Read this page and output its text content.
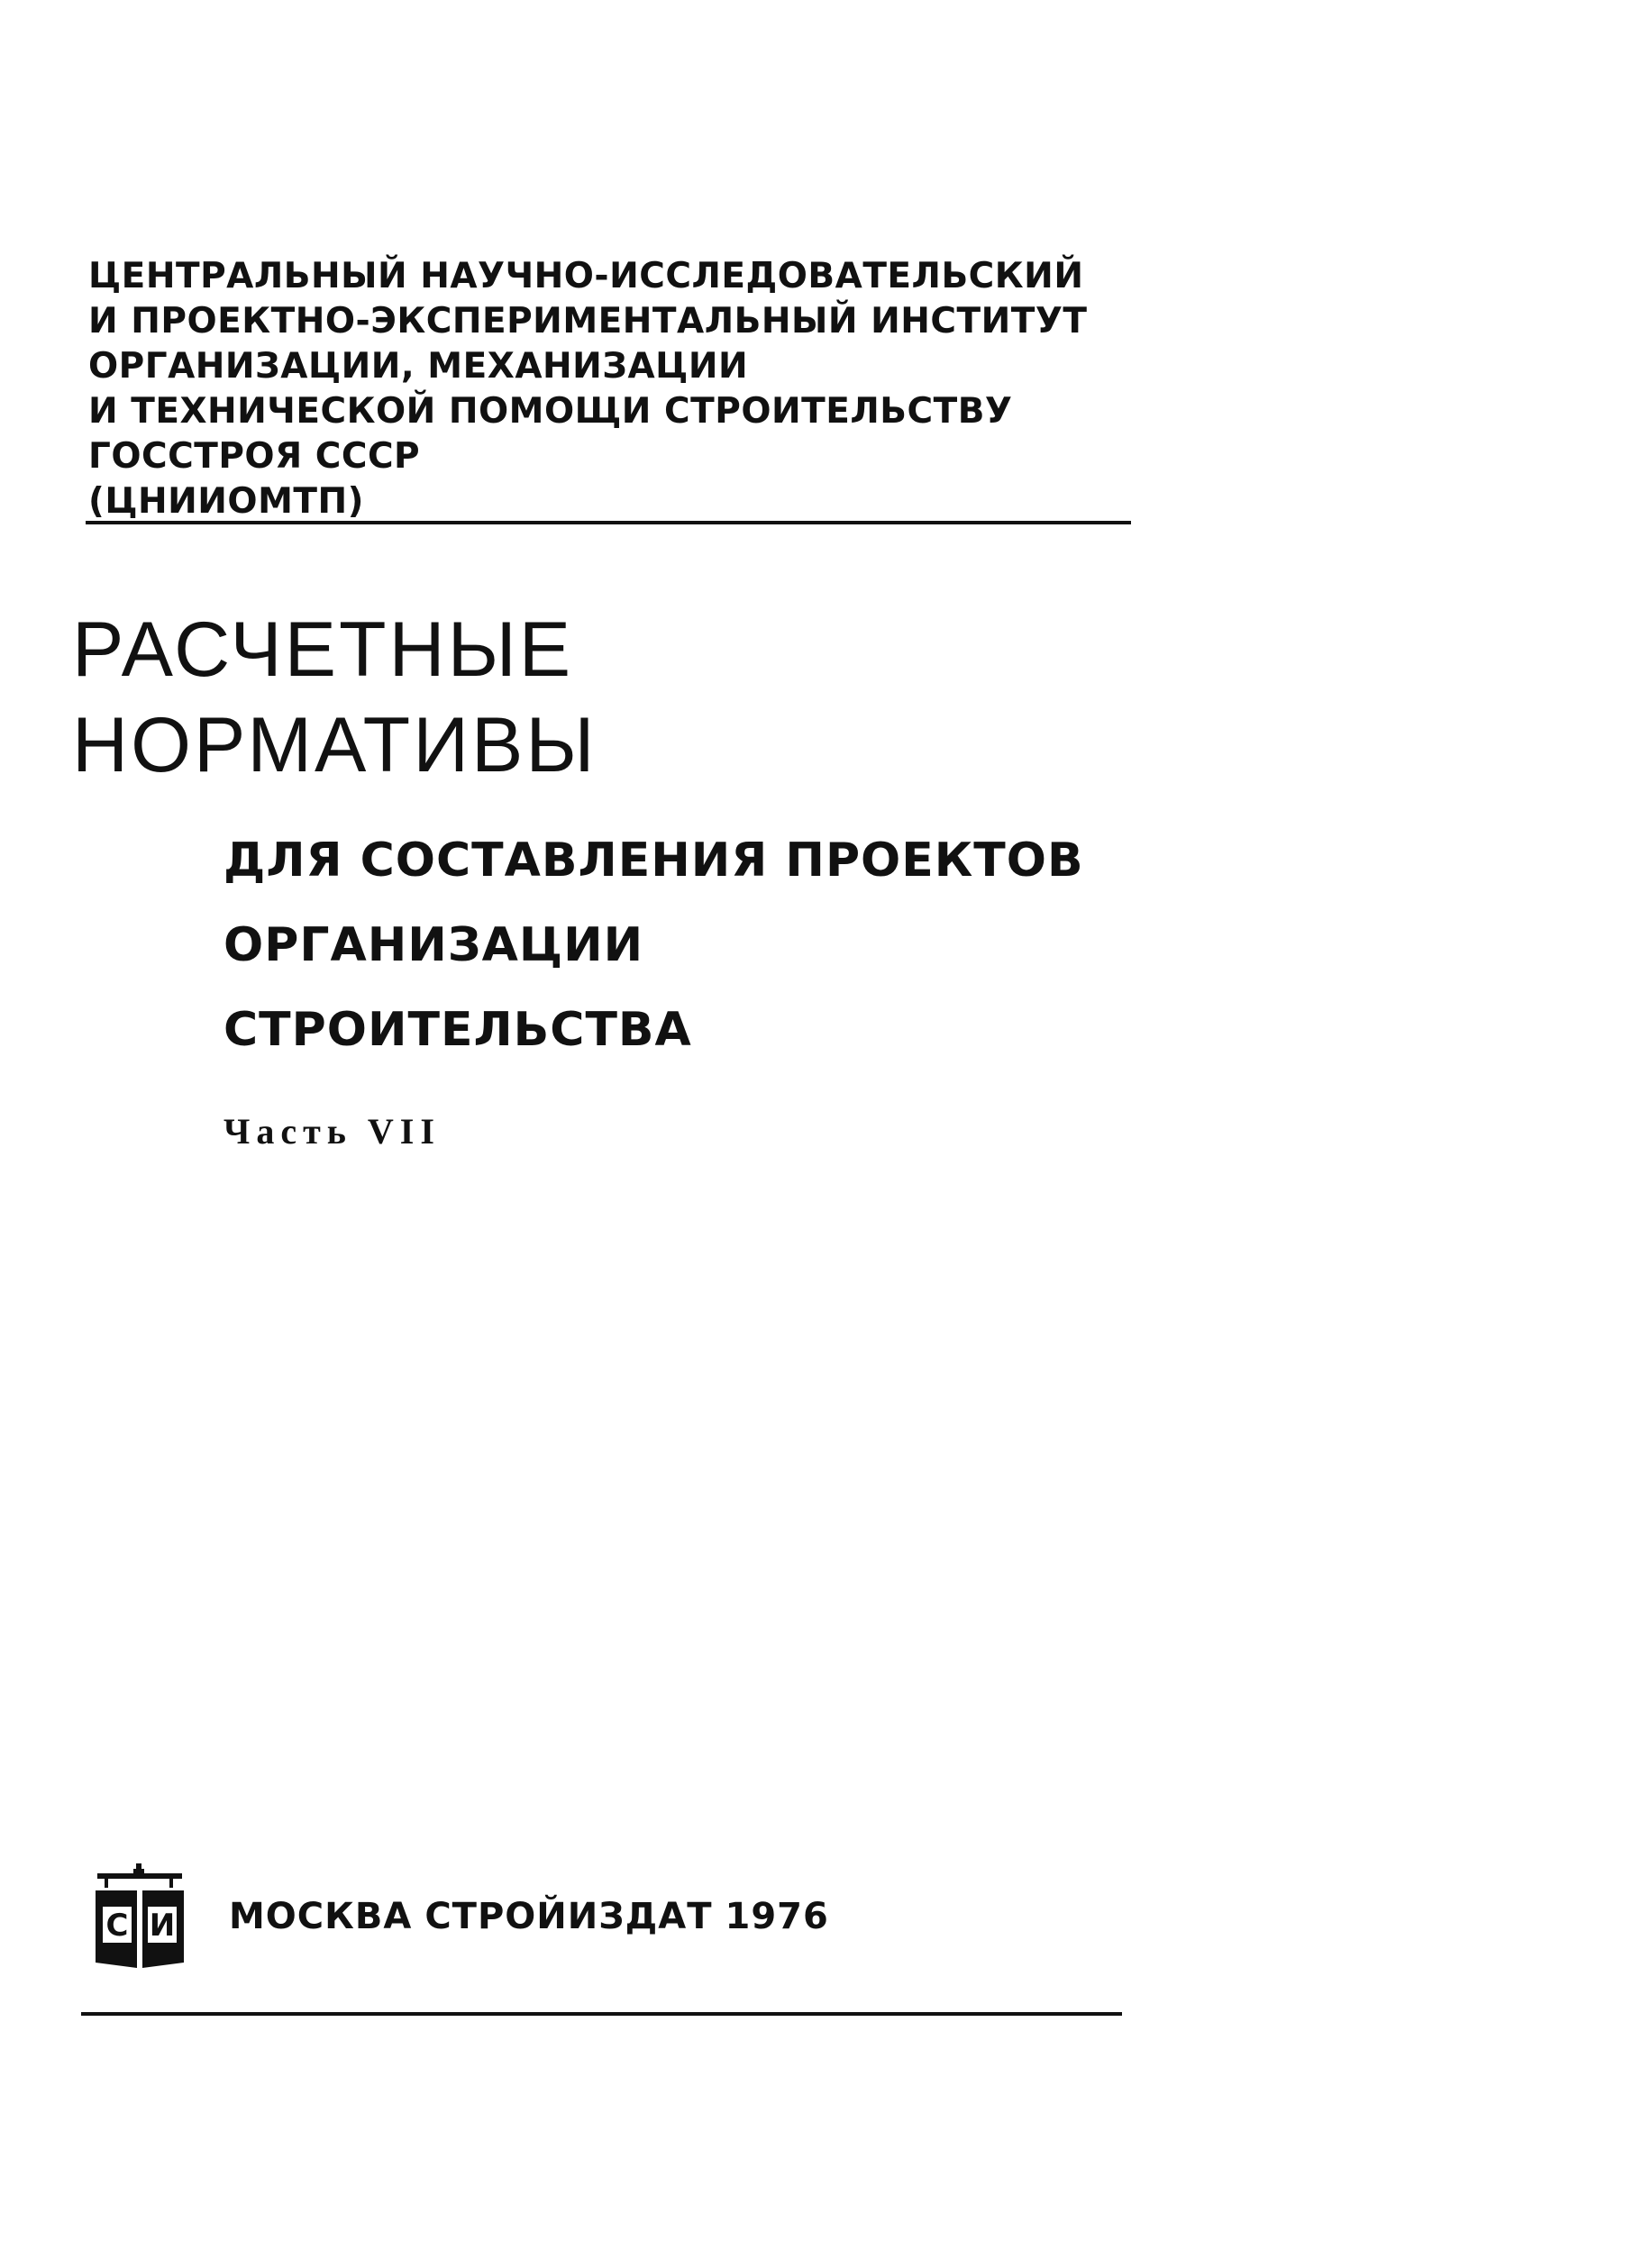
ЦЕНТРАЛЬНЫЙ НАУЧНО-ИССЛЕДОВАТЕЛЬСКИЙ
И ПРОЕКТНО-ЭКСПЕРИМЕНТАЛЬНЫЙ ИНСТИТУТ
ОРГАНИЗАЦИИ, МЕХАНИЗАЦИИ
И ТЕХНИЧЕСКОЙ ПОМОЩИ СТРОИТЕЛЬСТВУ
ГОССТРОЯ СССР
(ЦНИИОМТП)
РАСЧЕТНЫЕ
НОРМАТИВЫ
ДЛЯ СОСТАВЛЕНИЯ ПРОЕКТОВ
ОРГАНИЗАЦИИ
СТРОИТЕЛЬСТВА

Часть VII

С И МОСКВА СТРОЙИЗДАТ 1976
